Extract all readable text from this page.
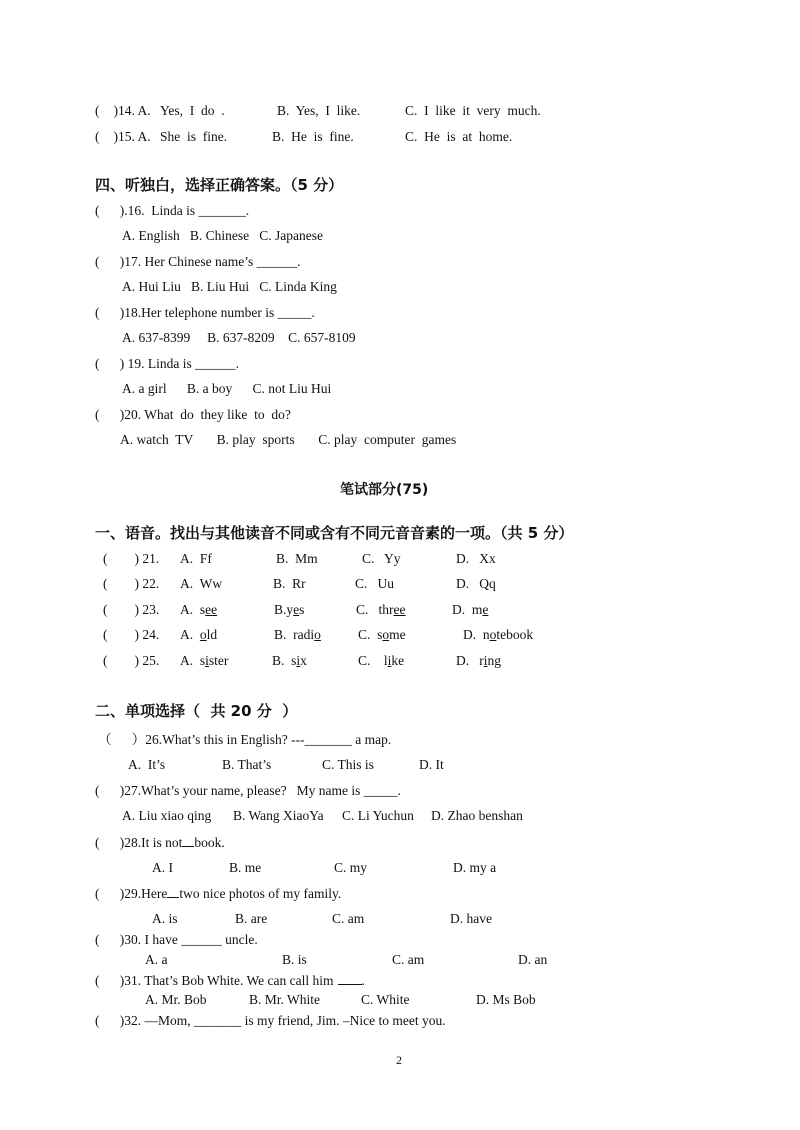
( )14. A. Yes,  I  do  .	B.  Yes,  I  like.	C.  I  like  it  very  much.
( )15. A. She  is  fine.	B.  He  is  fine.	C.  He  is  at  home.
四、听独白，选择正确答案。（5 分）
(      ).16.  Linda is _______.
A. English   B. Chinese   C. Japanese
(      )17. Her Chinese name’s ______.
A. Hui Liu   B. Liu Hui   C. Linda King
(      )18.Her telephone number is _____.
A. 637-8399     B. 637-8209    C. 657-8109
(      ) 19. Linda is ______.
A. a girl      B. a boy      C. not Liu Hui
(      )20. What  do  they like  to  do?
A. watch  TV       B. play  sports       C. play  computer  games
笔试部分(75)
一、语音。找出与其他读音不同或含有不同元音音素的一项。（共 5 分）
(        ) 21. A.  Ff	B.  Mm	C.   Yy	D.   Xx
(        ) 22. A.  Ww	B.  Rr	C.   Uu	D.   Qq
(        ) 23. A.  see	B.yes	C.   three	D.  me
(        ) 24. A.  old	B.  radio	C.  some	D.  notebook
(        ) 25. A.  sister	B.  six	C.    like	D.   ring
二、单项选择（  共 20 分  ）
（      ）26.What’s this in English? ---_______ a map.
A.  It’s	B. That’s	C. This is	D. It
(      )27.What’s your name, please?   My name is _____.
A. Liu xiao qing B. Wang XiaoYa C. Li Yuchun D. Zhao benshan
(      )28.It is not book.
A. I	B. me	C. my	D. my a
(      )29.Here two nice photos of my family.
A. is	B. are	C. am	D. have
(      )30. I have ______ uncle.
A. a	B. is	C. am	D. an
(      )31. That’s Bob White. We can call him .
A. Mr. Bob	B. Mr. White	C. White	D. Ms Bob
(      )32. —Mom, _______ is my friend, Jim. –Nice to meet you.
2
